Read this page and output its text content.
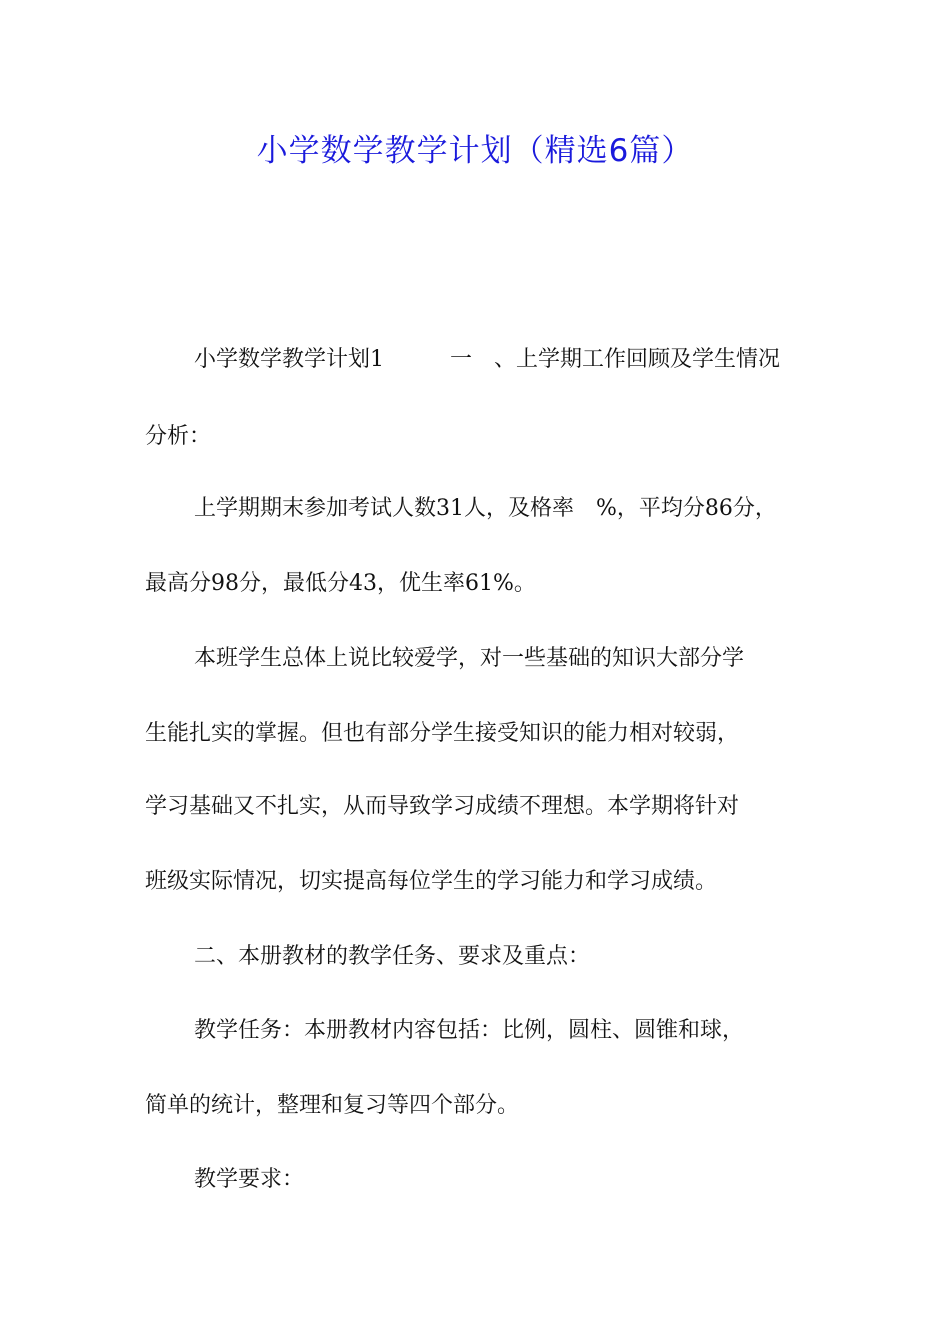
小学数学教学计划（精选6篇）

小学数学教学计划1　　　一　、上学期工作回顾及学生情况

分析：

上学期期末参加考试人数31人，及格率　%，平均分86分，

最高分98分，最低分43，优生率61%。

本班学生总体上说比较爱学，对一些基础的知识大部分学

生能扎实的掌握。但也有部分学生接受知识的能力相对较弱，

学习基础又不扎实，从而导致学习成绩不理想。本学期将针对

班级实际情况，切实提高每位学生的学习能力和学习成绩。

二、本册教材的教学任务、要求及重点：

教学任务：本册教材内容包括：比例，圆柱、圆锥和球，

简单的统计，整理和复习等四个部分。

教学要求：
